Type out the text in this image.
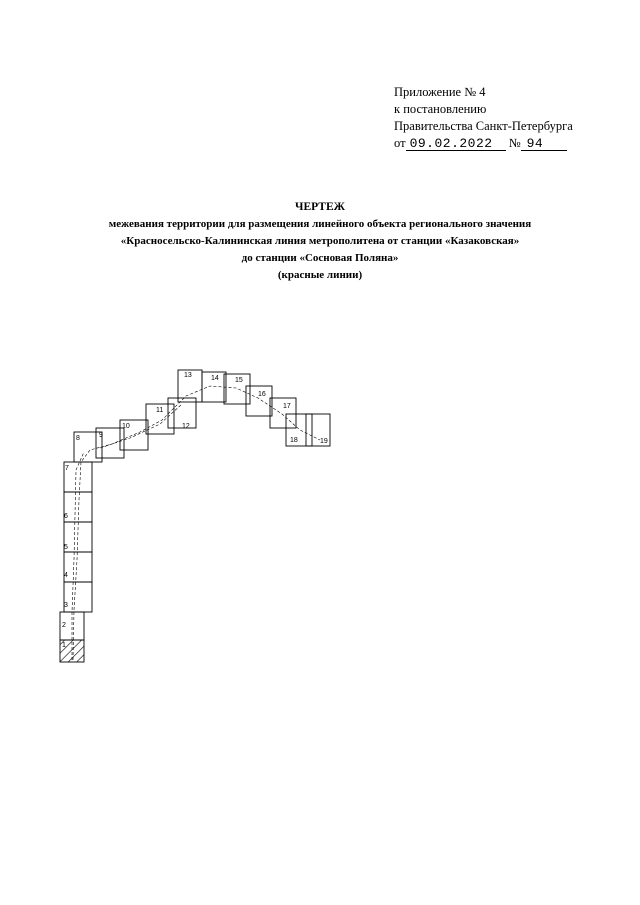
Приложение № 4
к постановлению
Правительства Санкт-Петербурга
от 09.02.2022 № 94
ЧЕРТЕЖ
межевания территории для размещения линейного объекта регионального значения
«Красносельско-Калининская линия метрополитена от станции «Казаковская»
до станции «Сосновая Поляна»
(красные линии)
1
2
3
4
5
6
7
8	9
10
11
12
13	14 15
16
17
18	19
